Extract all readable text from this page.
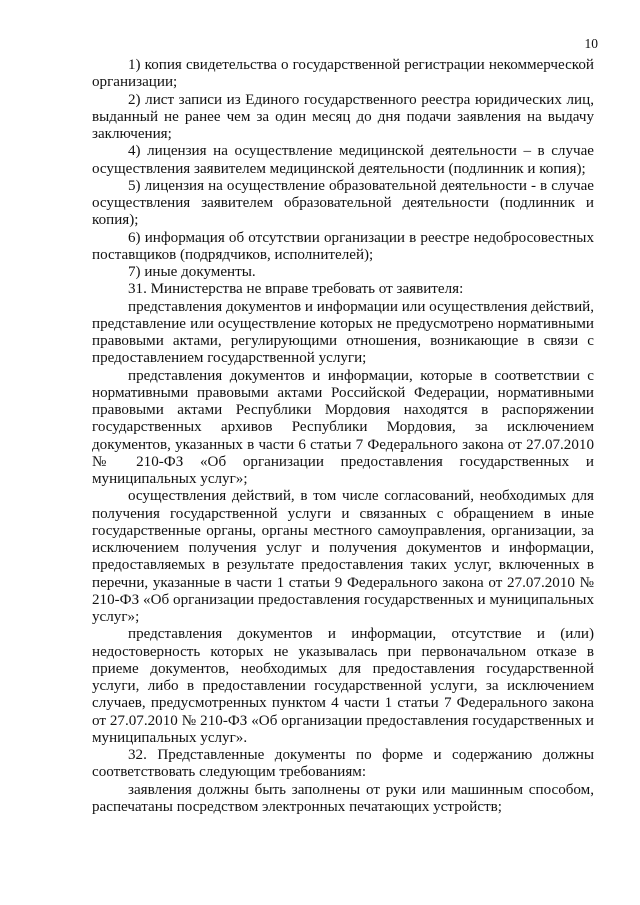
10

1) копия свидетельства о государственной регистрации некоммерческой организации;

2) лист записи из Единого государственного реестра юридических лиц, выданный не ранее чем за один месяц до дня подачи заявления на выдачу заключения;

4) лицензия на осуществление медицинской деятельности – в случае осуществления заявителем медицинской деятельности (подлинник и копия);

5) лицензия на осуществление образовательной деятельности - в случае осуществления заявителем образовательной деятельности (подлинник и копия);

6) информация об отсутствии организации в реестре недобросовестных поставщиков (подрядчиков, исполнителей);

7) иные документы.

31. Министерства не вправе требовать от заявителя:

представления документов и информации или осуществления действий, представление или осуществление которых не предусмотрено нормативными правовыми актами, регулирующими отношения, возникающие в связи с предоставлением государственной услуги;

представления документов и информации, которые в соответствии с нормативными правовыми актами Российской Федерации, нормативными правовыми актами Республики Мордовия находятся в распоряжении государственных архивов Республики Мордовия, за исключением документов, указанных в части 6 статьи 7 Федерального закона от 27.07.2010 № 210-ФЗ «Об организации предоставления государственных и муниципальных услуг»;

осуществления действий, в том числе согласований, необходимых для получения государственной услуги и связанных с обращением в иные государственные органы, органы местного самоуправления, организации, за исключением получения услуг и получения документов и информации, предоставляемых в результате предоставления таких услуг, включенных в перечни, указанные в части 1 статьи 9 Федерального закона от 27.07.2010 № 210-ФЗ «Об организации предоставления государственных и муниципальных услуг»;

представления документов и информации, отсутствие и (или) недостоверность которых не указывалась при первоначальном отказе в приеме документов, необходимых для предоставления государственной услуги, либо в предоставлении государственной услуги, за исключением случаев, предусмотренных пунктом 4 части 1 статьи 7 Федерального закона от 27.07.2010 № 210-ФЗ «Об организации предоставления государственных и муниципальных услуг».

32. Представленные документы по форме и содержанию должны соответствовать следующим требованиям:

заявления должны быть заполнены от руки или машинным способом, распечатаны посредством электронных печатающих устройств;
